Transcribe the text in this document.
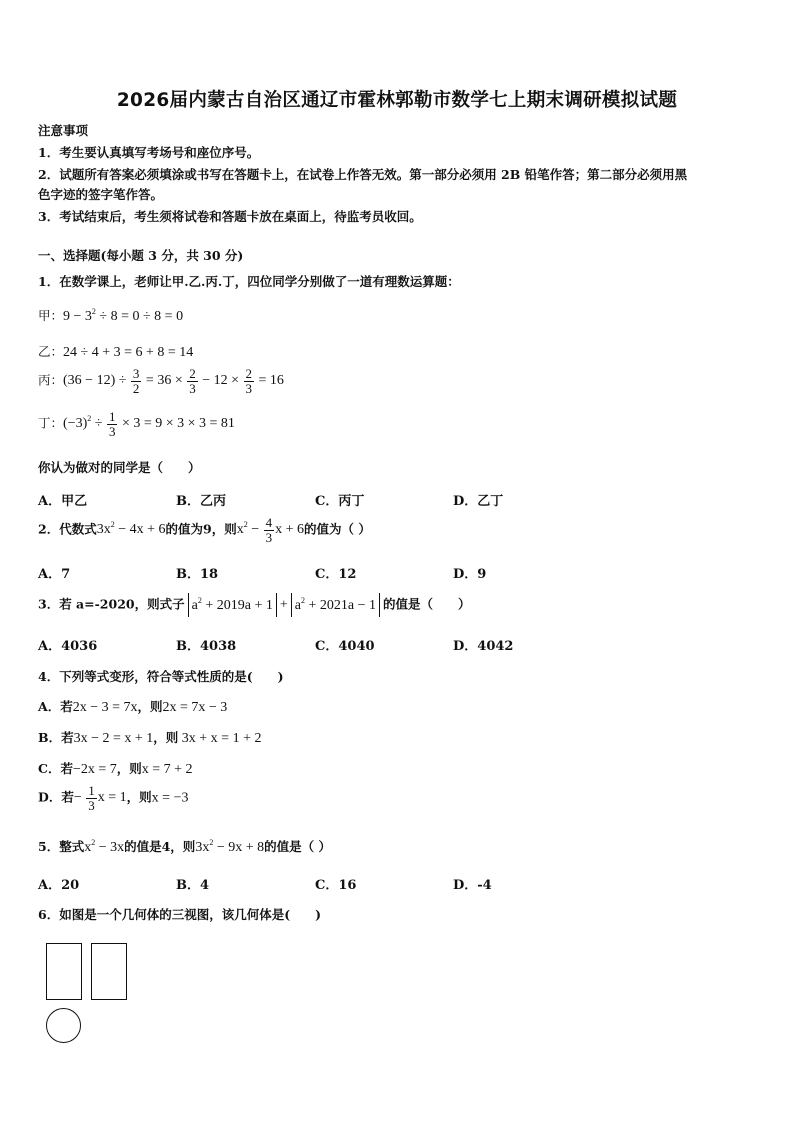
2026届内蒙古自治区通辽市霍林郭勒市数学七上期末调研模拟试题
注意事项
1．考生要认真填写考场号和座位序号。
2．试题所有答案必须填涂或书写在答题卡上，在试卷上作答无效。第一部分必须用 2B 铅笔作答；第二部分必须用黑
色字迹的签字笔作答。
3．考试结束后，考生须将试卷和答题卡放在桌面上，待监考员收回。
一、选择题(每小题 3 分，共 30 分)
1．在数学课上，老师让甲.乙.丙.丁，四位同学分别做了一道有理数运算题：
甲：$9 - 3^2 \div 8 = 0 \div 8 = 0$
乙：24 ÷ 4 + 3 = 6 + 8 = 14
丙：$(36 - 12) \div \frac{3}{2} = 36 \times \frac{2}{3} - 12 \times \frac{2}{3} = 16$
丁：$(-3)^2 \div \frac{1}{3} \times 3 = 9 \times 3 \times 3 = 81$
你认为做对的同学是（　　）
A．甲乙	B．乙丙	C．丙丁	D．乙丁
2．代数式$3x^2 - 4x + 6$的值为9，则$x^2 - \frac{4}{3}$ x + 6的值为（ ）
A．7	B．18	C．12	D．9
3．若 a=-2020，则式子 $a^2 + 2019a + 1 + a^2 + 2021a - 1$ 的值是（　　）
A．4036	B．4038	C．4040	D．4042
4．下列等式变形，符合等式性质的是(　　)
A．若2x − 3 = 7x，则2x = 7x − 3
B．若3x − 2 = x + 1，则 3x + x = 1 + 2
C．若−2x = 7，则x = 7 + 2
D．若− $\frac{1}{3}$ x = 1，则x = −3
5．整式$x^2 - 3x$的值是4，则$3x^2 - 9x + 8$的值是（ ）
A．20	B．4	C．16	D．-4
6．如图是一个几何体的三视图，该几何体是(　　)
